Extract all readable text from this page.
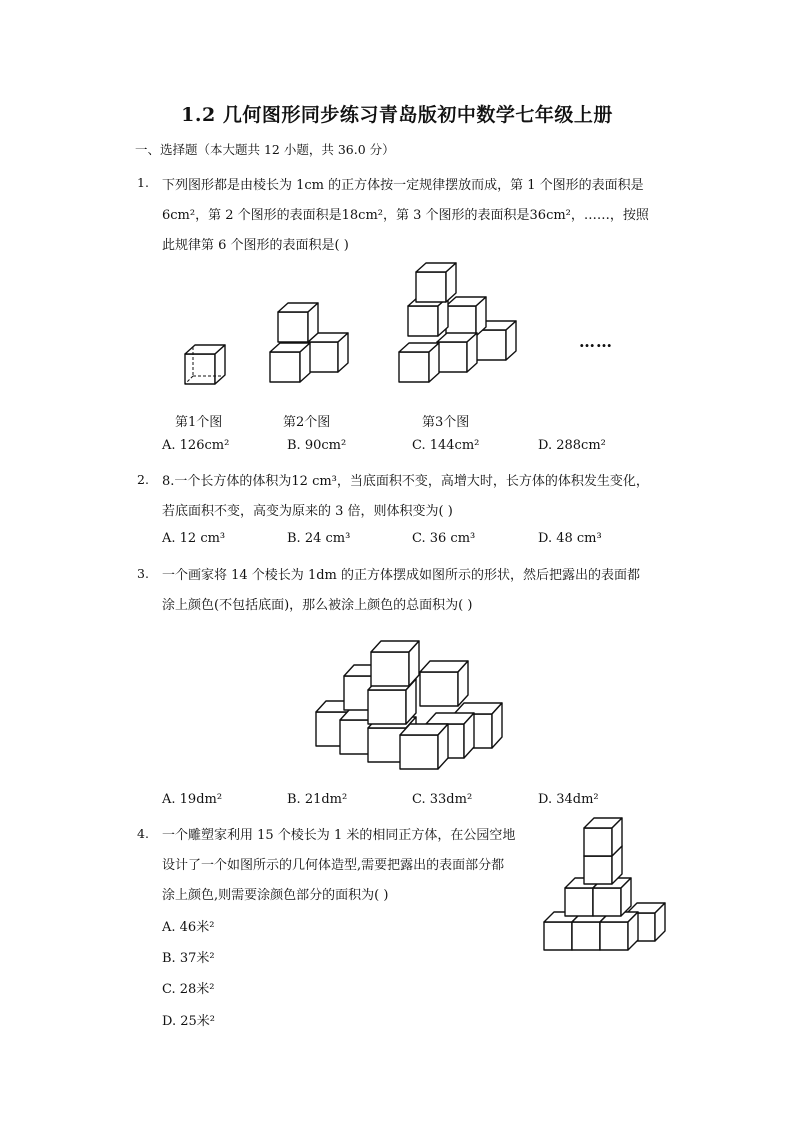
1.2 几何图形同步练习青岛版初中数学七年级上册
一、选择题（本大题共 12 小题，共 36.0 分）
1. 下列图形都是由棱长为 1cm 的正方体按一定规律摆放而成，第 1 个图形的表面积是
6cm²，第 2 个图形的表面积是18cm²，第 3 个图形的表面积是36cm²，……，按照
此规律第 6 个图形的表面积是( )
……
第1个图	第2个图	第3个图
A. 126cm²	B. 90cm²	C. 144cm²	D. 288cm²
2. 8.一个长方体的体积为12 cm³，当底面积不变，高增大时，长方体的体积发生变化，
若底面积不变，高变为原来的 3 倍，则体积变为( )
A. 12 cm³	B. 24 cm³	C. 36 cm³	D. 48 cm³
3. 一个画家将 14 个棱长为 1dm 的正方体摆成如图所示的形状，然后把露出的表面都
涂上颜色(不包括底面)，那么被涂上颜色的总面积为( )
A. 19dm²	B. 21dm²	C. 33dm²	D. 34dm²
4. 一个雕塑家利用 15 个棱长为 1 米的相同正方体，在公园空地
设计了一个如图所示的几何体造型,需要把露出的表面部分都
涂上颜色,则需要涂颜色部分的面积为( )
A. 46米²
B. 37米²
C. 28米²
D. 25米²
